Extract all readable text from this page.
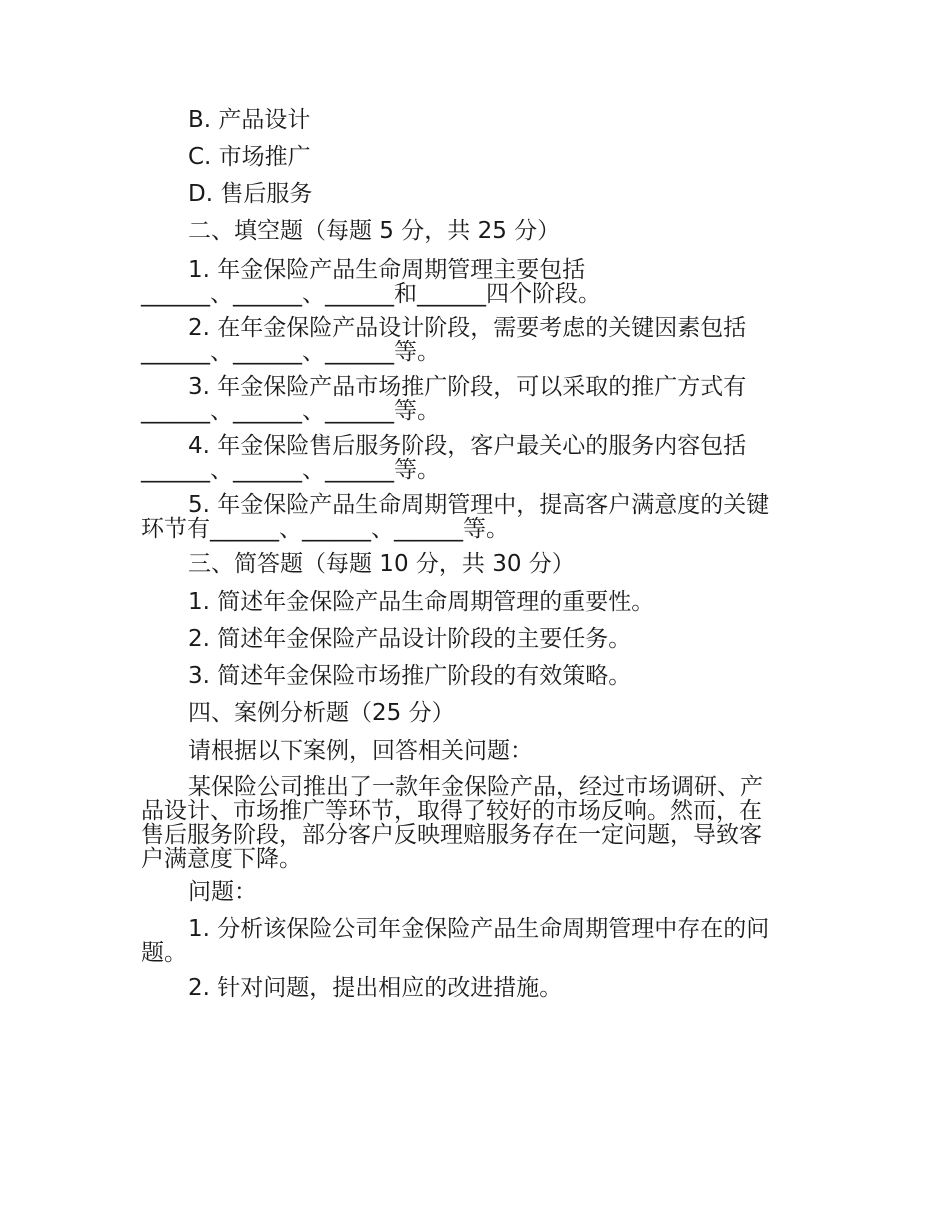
B. 产品设计
C. 市场推广
D. 售后服务
二、填空题（每题 5 分，共 25 分）
1. 年金保险产品生命周期管理主要包括
______、______、______和______四个阶段。
2. 在年金保险产品设计阶段，需要考虑的关键因素包括
______、______、______等。
3. 年金保险产品市场推广阶段，可以采取的推广方式有
______、______、______等。
4. 年金保险售后服务阶段，客户最关心的服务内容包括
______、______、______等。
5. 年金保险产品生命周期管理中，提高客户满意度的关键
环节有______、______、______等。
三、简答题（每题 10 分，共 30 分）
1. 简述年金保险产品生命周期管理的重要性。
2. 简述年金保险产品设计阶段的主要任务。
3. 简述年金保险市场推广阶段的有效策略。
四、案例分析题（25 分）
请根据以下案例，回答相关问题：
某保险公司推出了一款年金保险产品，经过市场调研、产
品设计、市场推广等环节，取得了较好的市场反响。然而，在
售后服务阶段，部分客户反映理赔服务存在一定问题，导致客
户满意度下降。
问题：
1. 分析该保险公司年金保险产品生命周期管理中存在的问
题。
2. 针对问题，提出相应的改进措施。
